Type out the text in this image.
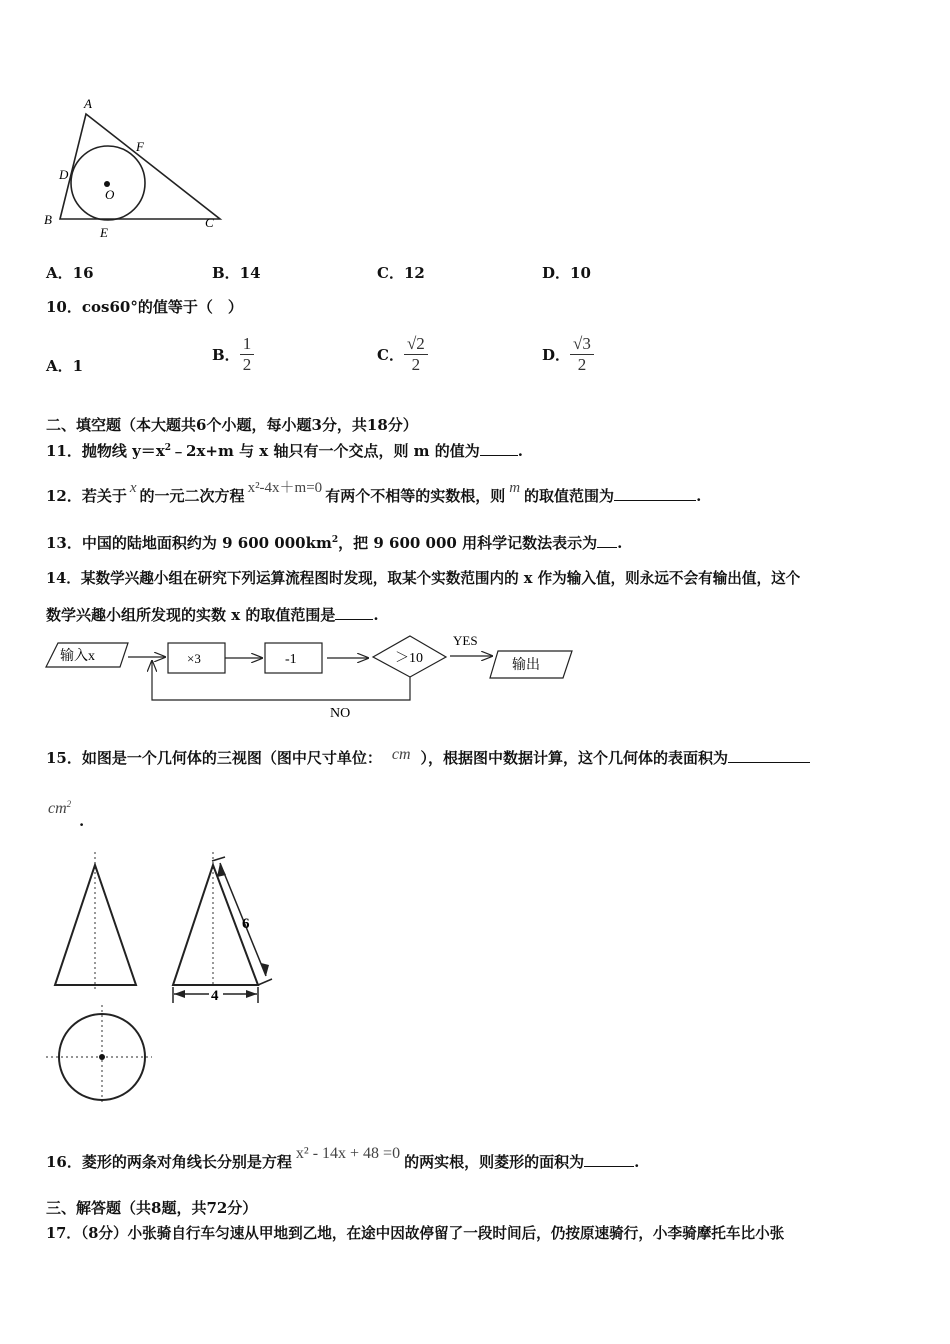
A
D
F
O
B
E
C
A．16	B．14	C．12	D．10
10．cos60°的值等于（　）
A．1
B． $\frac{1}{2}$	C． $\frac{√2}{2}$	D． $\frac{√3}{2}$
二、填空题（本大题共6个小题，每小题3分，共18分）
11．抛物线 $y=x^2﹣2x+m$ 与 x 轴只有一个交点，则 m 的值为	.
12．若关于 x 的一元二次方程 x²-4x＋m=0 有两个不相等的实数根，则 m 的取值范围为	.
13．中国的陆地面积约为 9 600 $000km^2$，把 9 600 000 用科学记数法表示为 .
14．某数学兴趣小组在研究下列运算流程图时发现，取某个实数范围内的 x 作为输入值，则永远不会有输出值，这个
数学兴趣小组所发现的实数 x 的取值范围是	.
输入x	×3	-1	＞10
YES
输出
NO
15．如图是一个几何体的三视图（图中尺寸单位： cm ），根据图中数据计算，这个几何体的表面积为
$cm^2$
.
6
4
16．菱形的两条对角线长分别是方程 x² - 14x + 48 =0 的两实根，则菱形的面积为	.
三、解答题（共8题，共72分）
17．（8分）小张骑自行车匀速从甲地到乙地，在途中因故停留了一段时间后，仍按原速骑行，小李骑摩托车比小张
